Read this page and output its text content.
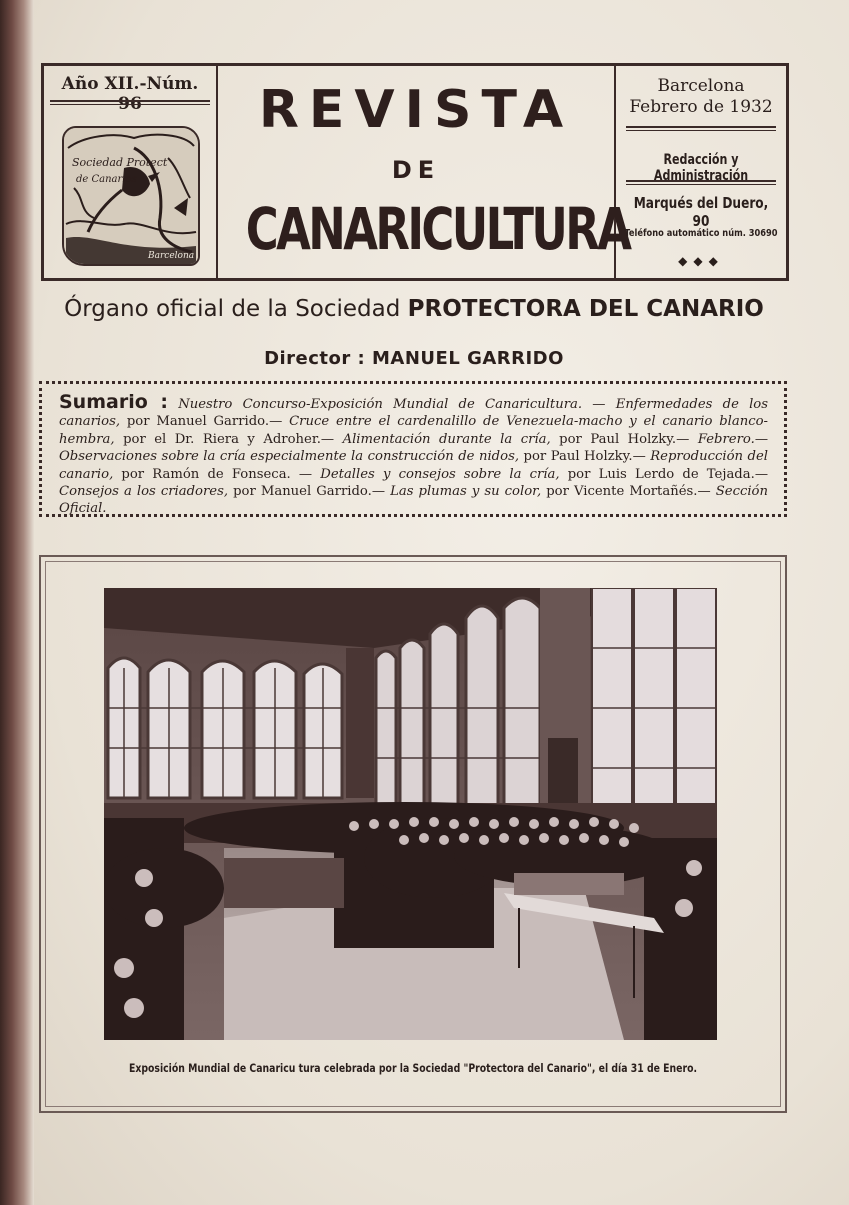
Año XII.-Núm. 96
Sociedad Protect
de Canarios
Barcelona
REVISTA
DE
CANARICULTURA
Barcelona
Febrero de 1932
Redacción y Administración
Marqués del Duero, 90
Teléfono automático núm. 30690
◆◆◆
Órgano oficial de la Sociedad PROTECTORA DEL CANARIO
Director : MANUEL GARRIDO
Sumario : Nuestro Concurso-Exposición Mundial de Canaricultura. — Enfermedades de los canarios, por Manuel Garrido.— Cruce entre el cardenalillo de Venezuela-macho y el canario blanco-hembra, por el Dr. Riera y Adroher.— Alimentación durante la cría, por Paul Holzky.— Febrero.— Observaciones sobre la cría especialmente la construcción de nidos, por Paul Holzky.— Reproducción del canario, por Ramón de Fonseca. — Detalles y consejos sobre la cría, por Luis Lerdo de Tejada.— Consejos a los criadores, por Manuel Garrido.— Las plumas y su color, por Vicente Mortañés.— Sección Oficial.
Exposición Mundial de Canaricu tura celebrada por la Sociedad "Protectora del Canario", el día 31 de Enero.
